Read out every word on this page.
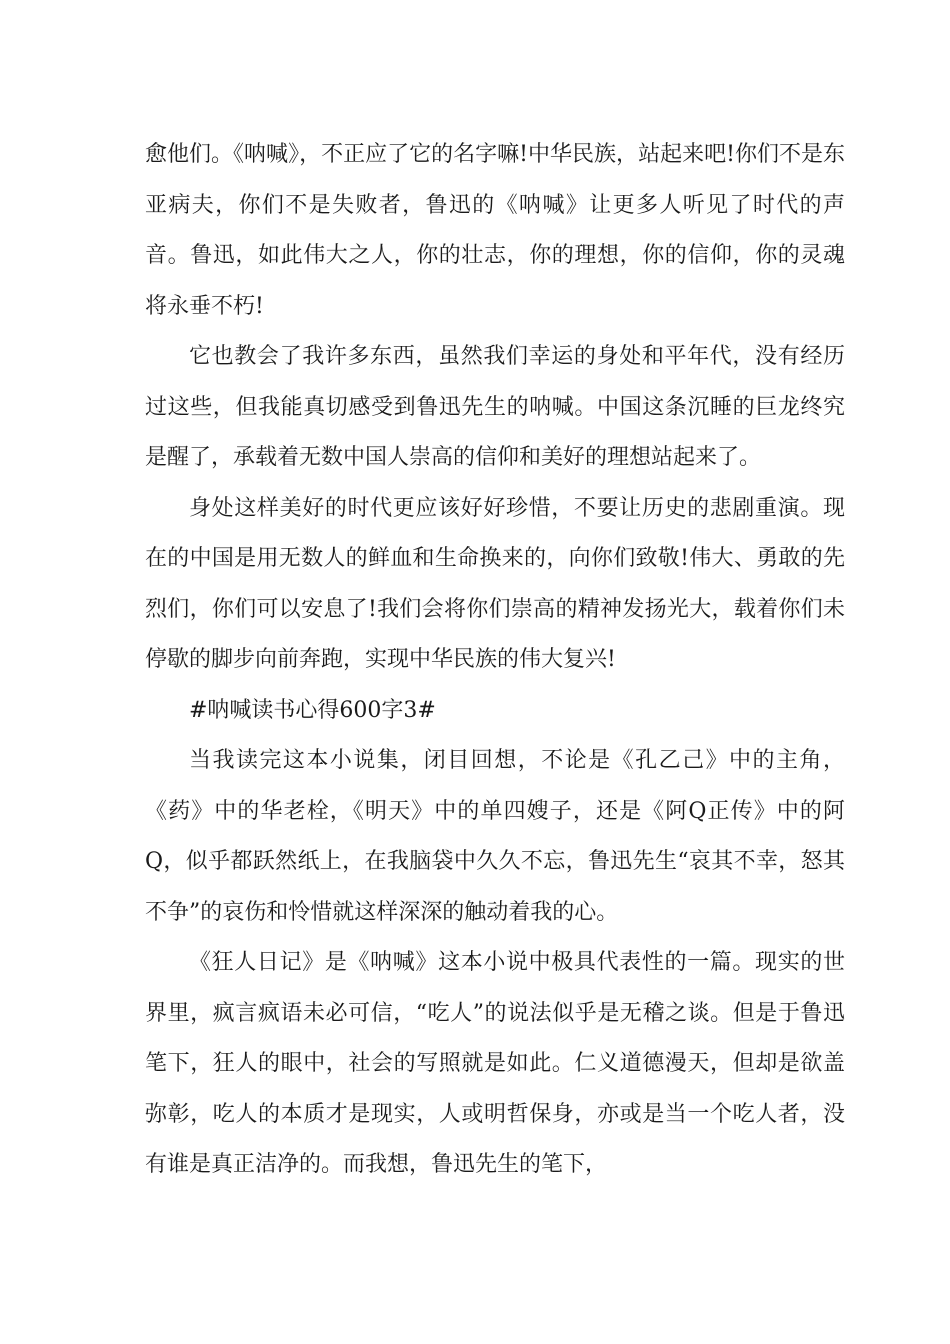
愈他们。《呐喊》，不正应了它的名字嘛!中华民族，站起来吧!你们不是东亚病夫，你们不是失败者，鲁迅的《呐喊》让更多人听见了时代的声音。鲁迅，如此伟大之人，你的壮志，你的理想，你的信仰，你的灵魂将永垂不朽!

它也教会了我许多东西，虽然我们幸运的身处和平年代，没有经历过这些，但我能真切感受到鲁迅先生的呐喊。中国这条沉睡的巨龙终究是醒了，承载着无数中国人崇高的信仰和美好的理想站起来了。

身处这样美好的时代更应该好好珍惜，不要让历史的悲剧重演。现在的中国是用无数人的鲜血和生命换来的，向你们致敬!伟大、勇敢的先烈们，你们可以安息了!我们会将你们崇高的精神发扬光大，载着你们未停歇的脚步向前奔跑，实现中华民族的伟大复兴!

#呐喊读书心得600字3#

当我读完这本小说集，闭目回想，不论是《孔乙己》中的主角，《药》中的华老栓，《明天》中的单四嫂子，还是《阿Q正传》中的阿Q，似乎都跃然纸上，在我脑袋中久久不忘，鲁迅先生“哀其不幸，怒其不争”的哀伤和怜惜就这样深深的触动着我的心。

《狂人日记》是《呐喊》这本小说中极具代表性的一篇。现实的世界里，疯言疯语未必可信，“吃人”的说法似乎是无稽之谈。但是于鲁迅笔下，狂人的眼中，社会的写照就是如此。仁义道德漫天，但却是欲盖弥彰，吃人的本质才是现实，人或明哲保身，亦或是当一个吃人者，没有谁是真正洁净的。而我想，鲁迅先生的笔下，
